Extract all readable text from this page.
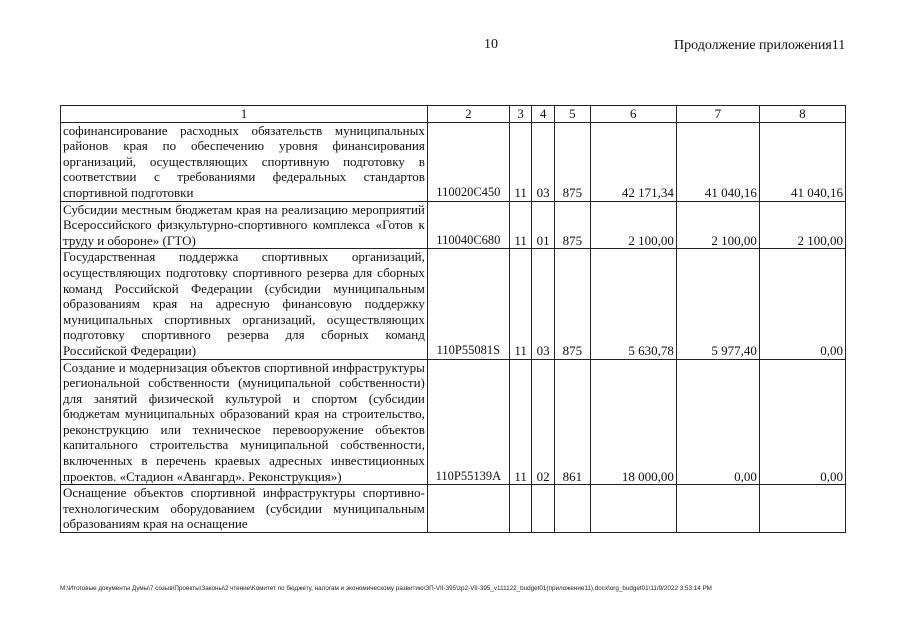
10	Продолжение приложения11
1	2	3	4	5	6	7	8
софинансирование расходных обязательств муниципальных районов края по обеспечению уровня финансирования организаций, осуществляющих спортивную подготовку в соответствии с требованиями федеральных стандартов спортивной подготовки	110020С450	11	03	875	42 171,34	41 040,16	41 040,16
Субсидии местным бюджетам края на реализацию мероприятий Всероссийского физкультурно-спортивного комплекса «Готов к труду и обороне» (ГТО)	110040С680	11	01	875	2 100,00	2 100,00	2 100,00
Государственная поддержка спортивных организаций, осуществляющих подготовку спортивного резерва для сборных команд Российской Федерации (субсидии муниципальным образованиям края на адресную финансовую поддержку муниципальных спортивных организаций, осуществляющих подготовку спортивного резерва для сборных команд Российской Федерации)	110Р55081S	11	03	875	5 630,78	5 977,40	0,00
Создание и модернизация объектов спортивной инфраструктуры региональной собственности (муниципальной собственности) для занятий физической культурой и спортом (субсидии бюджетам муниципальных образований края на строительство, реконструкцию или техническое перевооружение объектов капитального строительства муниципальной собственности, включенных в перечень краевых адресных инвестиционных проектов. «Стадион «Авангард». Реконструкция»)	110Р55139А	11	02	861	18 000,00	0,00	0,00
Оснащение объектов спортивной инфраструктуры спортивно-технологическим оборудованием (субсидии муниципальным образованиям края на оснащение							
М:\Итоговые документы Думы\7 созыв\Проекты\Законы\2 чтение\Комитет по бюджету, налогам и экономическому развитию\ЗП-VII-395\zp2-VII-395_v111122_budget01(приложение11).docx\org_budget01\11/9/2022 3:53:14 PM
